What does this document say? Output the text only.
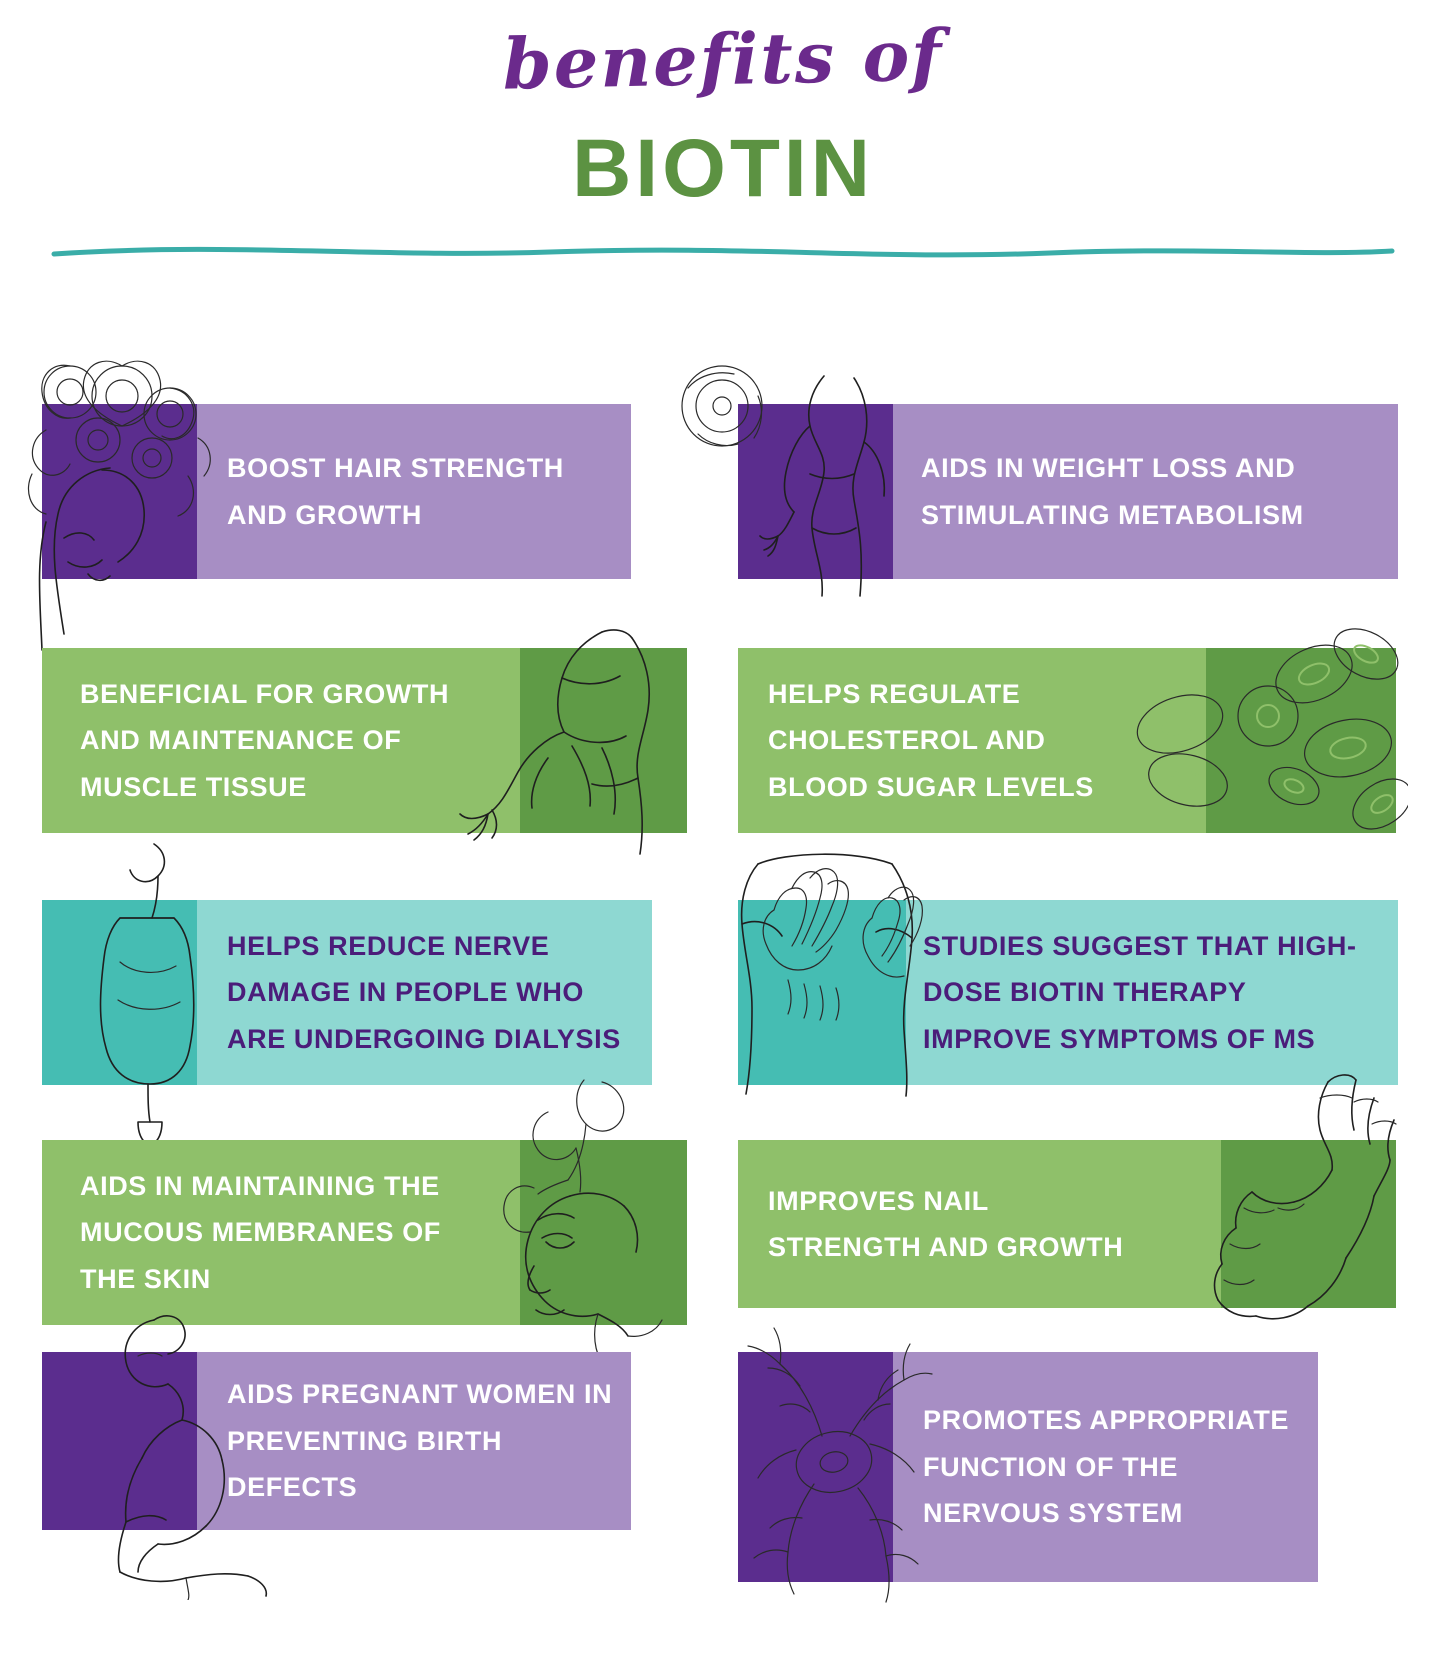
benefits of
BIOTIN
BOOST HAIR STRENGTH AND GROWTH
AIDS IN WEIGHT LOSS AND STIMULATING METABOLISM
BENEFICIAL FOR GROWTH AND MAINTENANCE OF MUSCLE TISSUE
HELPS REGULATE CHOLESTEROL AND BLOOD SUGAR LEVELS
HELPS REDUCE NERVE DAMAGE IN PEOPLE WHO ARE UNDERGOING DIALYSIS
STUDIES SUGGEST THAT HIGH-DOSE BIOTIN THERAPY IMPROVE SYMPTOMS OF MS
AIDS IN MAINTAINING THE MUCOUS MEMBRANES OF THE SKIN
IMPROVES NAIL STRENGTH AND GROWTH
AIDS PREGNANT WOMEN IN PREVENTING BIRTH DEFECTS
PROMOTES APPROPRIATE FUNCTION OF THE NERVOUS SYSTEM
